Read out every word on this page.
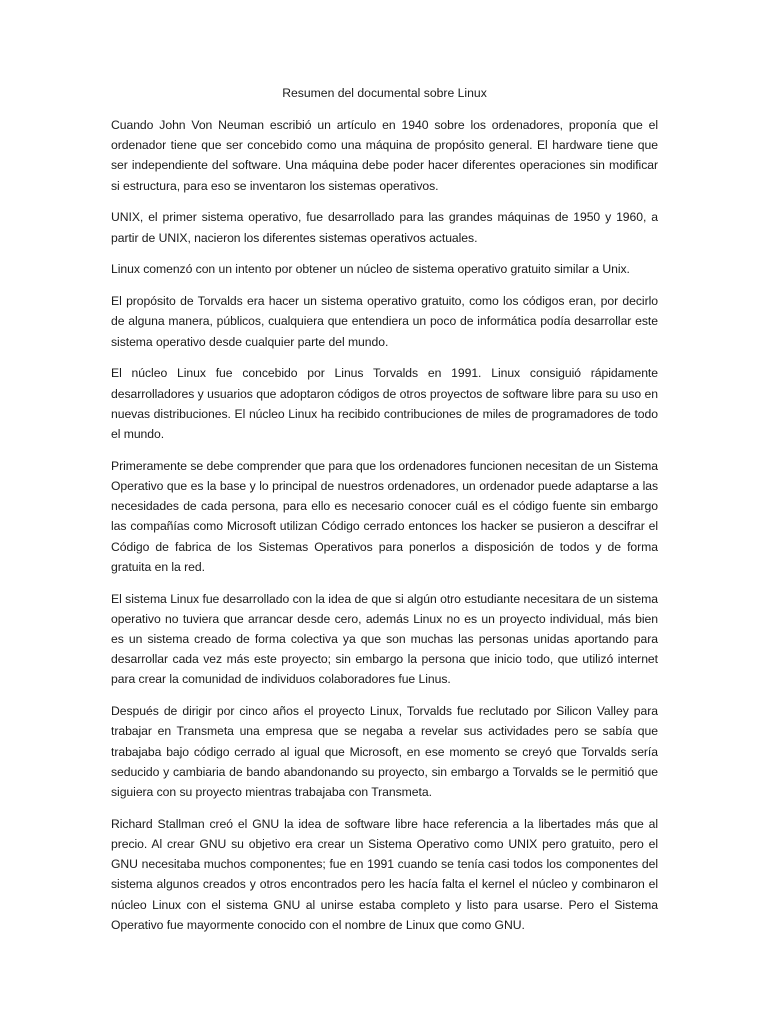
Resumen del documental sobre Linux

Cuando John Von Neuman escribió un artículo en 1940 sobre los ordenadores, proponía que el ordenador tiene que ser concebido como una máquina de propósito general. El hardware tiene que ser independiente del software. Una máquina debe poder hacer diferentes operaciones sin modificar si estructura, para eso se inventaron los sistemas operativos.

UNIX, el primer sistema operativo, fue desarrollado para las grandes máquinas de 1950 y 1960, a partir de UNIX, nacieron los diferentes sistemas operativos actuales.

Linux comenzó con un intento por obtener un núcleo de sistema operativo gratuito similar a Unix.

El propósito de Torvalds era hacer un sistema operativo gratuito, como los códigos eran, por decirlo de alguna manera, públicos, cualquiera que entendiera un poco de informática podía desarrollar este sistema operativo desde cualquier parte del mundo.

El núcleo Linux fue concebido por Linus Torvalds en 1991. Linux consiguió rápidamente desarrolladores y usuarios que adoptaron códigos de otros proyectos de software libre para su uso en nuevas distribuciones. El núcleo Linux ha recibido contribuciones de miles de programadores de todo el mundo.

Primeramente se debe comprender que para que los ordenadores funcionen necesitan de un Sistema Operativo que es la base y lo principal de nuestros ordenadores, un ordenador puede adaptarse a las necesidades de cada persona, para ello es necesario conocer cuál es el código fuente sin embargo las compañías como Microsoft utilizan Código cerrado entonces los hacker se pusieron a descifrar el Código de fabrica de los Sistemas Operativos para ponerlos a disposición de todos y de forma gratuita en la red.

El sistema Linux fue desarrollado con la idea de que si algún otro estudiante necesitara de un sistema operativo no tuviera que arrancar desde cero, además Linux no es un proyecto individual, más bien es un sistema creado de forma colectiva ya que son muchas las personas unidas aportando para desarrollar cada vez más este proyecto; sin embargo la persona que inicio todo, que utilizó internet para crear la comunidad de individuos colaboradores fue Linus.

Después de dirigir por cinco años el proyecto Linux, Torvalds fue reclutado por Silicon Valley para trabajar en Transmeta una empresa que se negaba a revelar sus actividades pero se sabía que trabajaba bajo código cerrado al igual que Microsoft, en ese momento se creyó que Torvalds sería seducido y cambiaria de bando abandonando su proyecto, sin embargo a Torvalds se le permitió que siguiera con su proyecto mientras trabajaba con Transmeta.

Richard Stallman creó el GNU la idea de software libre hace referencia a la libertades más que al precio. Al crear GNU su objetivo era crear un Sistema Operativo como UNIX pero gratuito, pero el GNU necesitaba muchos componentes; fue en 1991 cuando se tenía casi todos los componentes del sistema algunos creados y otros encontrados pero les hacía falta el kernel el núcleo y combinaron el núcleo Linux con el sistema GNU al unirse estaba completo y listo para usarse. Pero el Sistema Operativo fue mayormente conocido con el nombre de Linux que como GNU.
